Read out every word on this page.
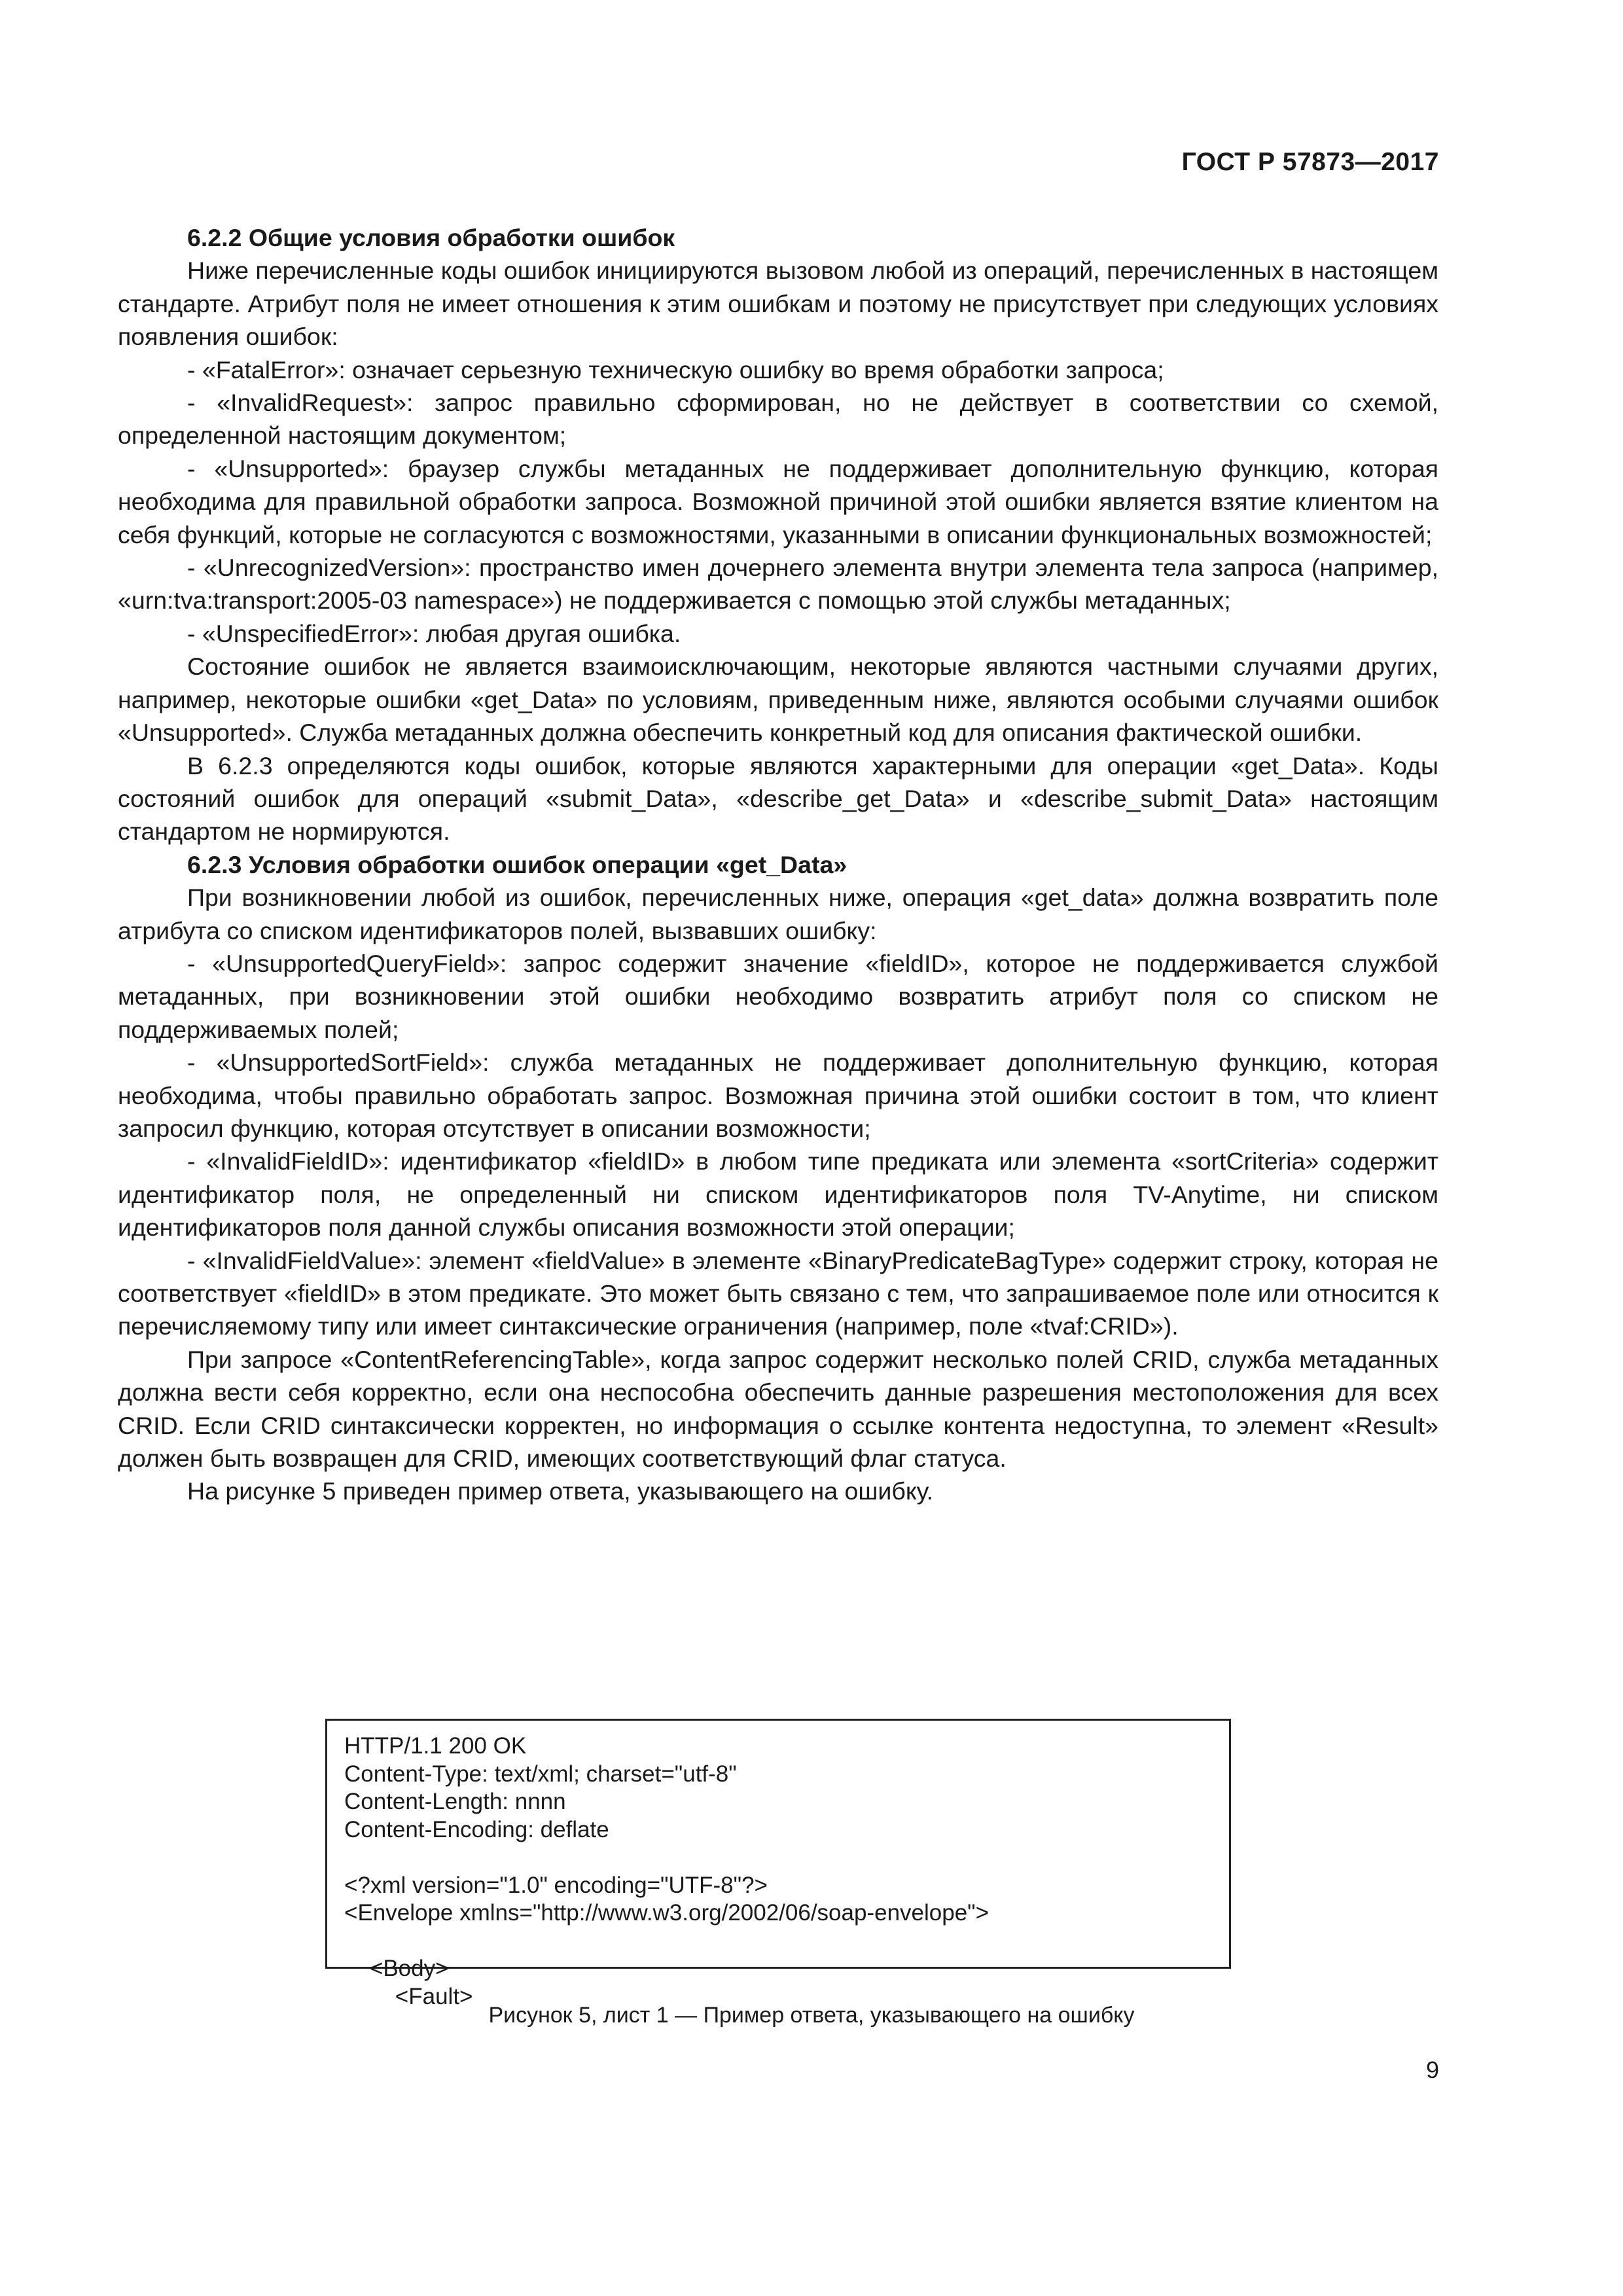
ГОСТ Р 57873—2017
6.2.2 Общие условия обработки ошибок

Ниже перечисленные коды ошибок инициируются вызовом любой из операций, перечисленных в настоящем стандарте. Атрибут поля не имеет отношения к этим ошибкам и поэтому не присутствует при следующих условиях появления ошибок:

- «FatalError»: означает серьезную техническую ошибку во время обработки запроса;

- «InvalidRequest»: запрос правильно сформирован, но не действует в соответствии со схемой, определенной настоящим документом;

- «Unsupported»: браузер службы метаданных не поддерживает дополнительную функцию, которая необходима для правильной обработки запроса. Возможной причиной этой ошибки является взятие клиентом на себя функций, которые не согласуются с возможностями, указанными в описании функциональных возможностей;

- «UnrecognizedVersion»: пространство имен дочернего элемента внутри элемента тела запроса (например, «urn:tva:transport:2005-03 namespace») не поддерживается с помощью этой службы метаданных;

- «UnspecifiedError»: любая другая ошибка.

Состояние ошибок не является взаимоисключающим, некоторые являются частными случаями других, например, некоторые ошибки «get_Data» по условиям, приведенным ниже, являются особыми случаями ошибок «Unsupported». Служба метаданных должна обеспечить конкретный код для описания фактической ошибки.

В 6.2.3 определяются коды ошибок, которые являются характерными для операции «get_Data». Коды состояний ошибок для операций «submit_Data», «describe_get_Data» и «describe_submit_Data» настоящим стандартом не нормируются.

6.2.3 Условия обработки ошибок операции «get_Data»

При возникновении любой из ошибок, перечисленных ниже, операция «get_data» должна возвратить поле атрибута со списком идентификаторов полей, вызвавших ошибку:

- «UnsupportedQueryField»: запрос содержит значение «fieldID», которое не поддерживается службой метаданных, при возникновении этой ошибки необходимо возвратить атрибут поля со списком не поддерживаемых полей;

- «UnsupportedSortField»: служба метаданных не поддерживает дополнительную функцию, которая необходима, чтобы правильно обработать запрос. Возможная причина этой ошибки состоит в том, что клиент запросил функцию, которая отсутствует в описании возможности;

- «InvalidFieldID»: идентификатор «fieldID» в любом типе предиката или элемента «sortCriteria» содержит идентификатор поля, не определенный ни списком идентификаторов поля TV-Anytime, ни списком идентификаторов поля данной службы описания возможности этой операции;

- «InvalidFieldValue»: элемент «fieldValue» в элементе «BinaryPredicateBagType» содержит строку, которая не соответствует «fieldID» в этом предикате. Это может быть связано с тем, что запрашиваемое поле или относится к перечисляемому типу или имеет синтаксические ограничения (например, поле «tvaf:CRID»).

При запросе «ContentReferencingTable», когда запрос содержит несколько полей CRID, служба метаданных должна вести себя корректно, если она неспособна обеспечить данные разрешения местоположения для всех CRID. Если CRID синтаксически корректен, но информация о ссылке контента недоступна, то элемент «Result» должен быть возвращен для CRID, имеющих соответствующий флаг статуса.

На рисунке 5 приведен пример ответа, указывающего на ошибку.

HTTP/1.1 200 OK
Content-Type: text/xml; charset="utf-8"
Content-Length: nnnn
Content-Encoding: deflate

<?xml version="1.0" encoding="UTF-8"?>
<Envelope xmlns="http://www.w3.org/2002/06/soap-envelope">

<Body>
<Fault>
Рисунок 5, лист 1 — Пример ответа, указывающего на ошибку
9
